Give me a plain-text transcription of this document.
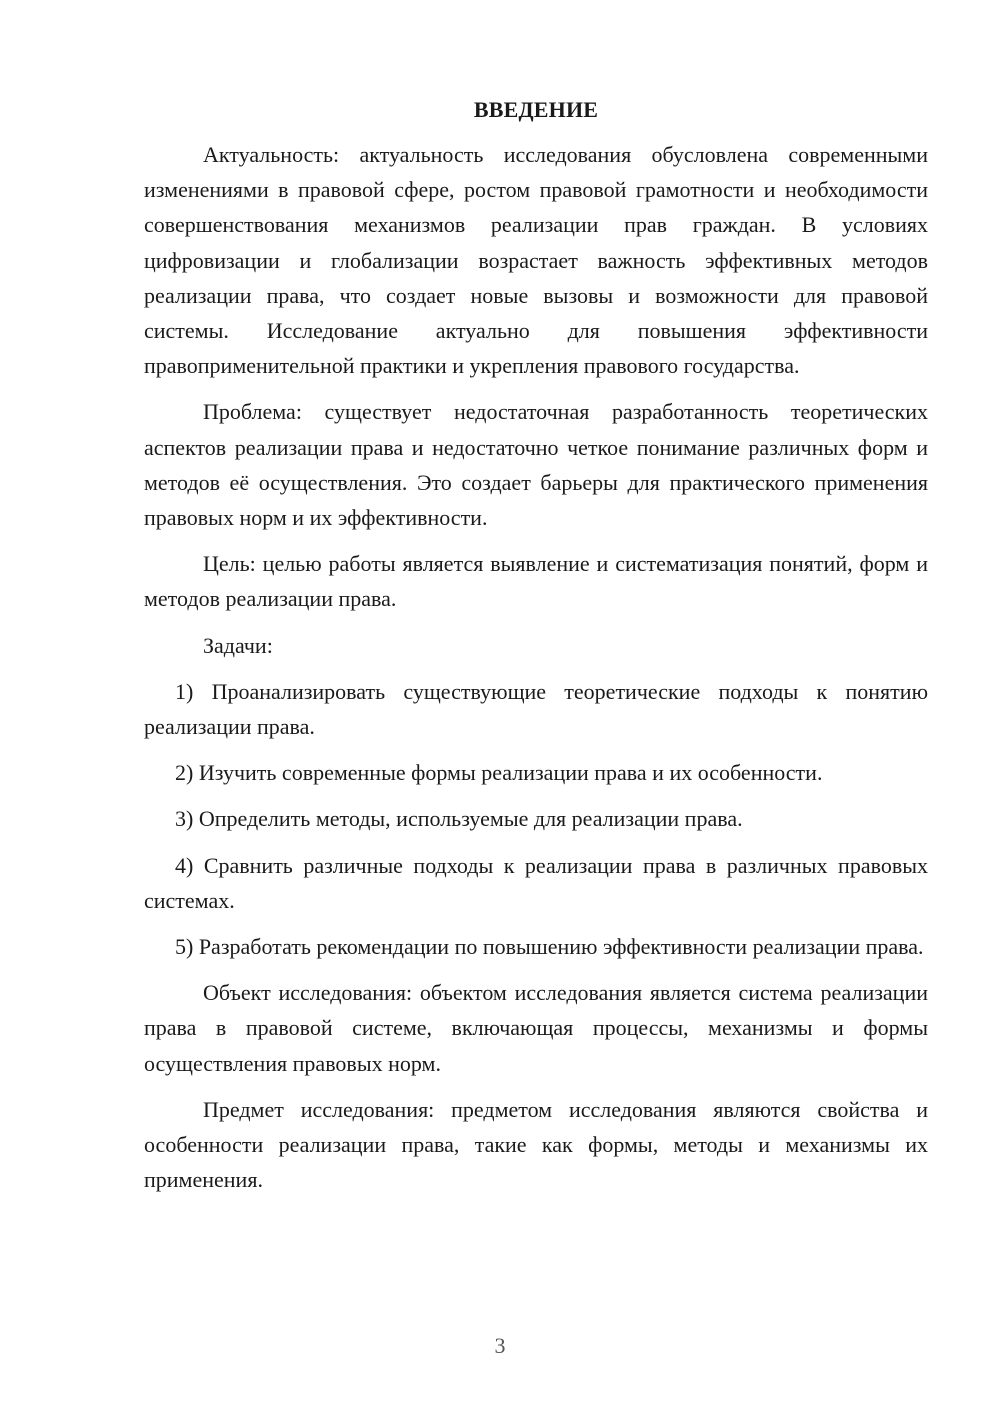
ВВЕДЕНИЕ

Актуальность: актуальность исследования обусловлена современными изменениями в правовой сфере, ростом правовой грамотности и необходимости совершенствования механизмов реализации прав граждан. В условиях цифровизации и глобализации возрастает важность эффективных методов реализации права, что создает новые вызовы и возможности для правовой системы. Исследование актуально для повышения эффективности правоприменительной практики и укрепления правового государства.

Проблема: существует недостаточная разработанность теоретических аспектов реализации права и недостаточно четкое понимание различных форм и методов её осуществления. Это создает барьеры для практического применения правовых норм и их эффективности.

Цель: целью работы является выявление и систематизация понятий, форм и методов реализации права.

Задачи:

1) Проанализировать существующие теоретические подходы к понятию реализации права.

2) Изучить современные формы реализации права и их особенности.

3) Определить методы, используемые для реализации права.

4) Сравнить различные подходы к реализации права в различных правовых системах.

5) Разработать рекомендации по повышению эффективности реализации права.

Объект исследования: объектом исследования является система реализации права в правовой системе, включающая процессы, механизмы и формы осуществления правовых норм.

Предмет исследования: предметом исследования являются свойства и особенности реализации права, такие как формы, методы и механизмы их применения.

3
